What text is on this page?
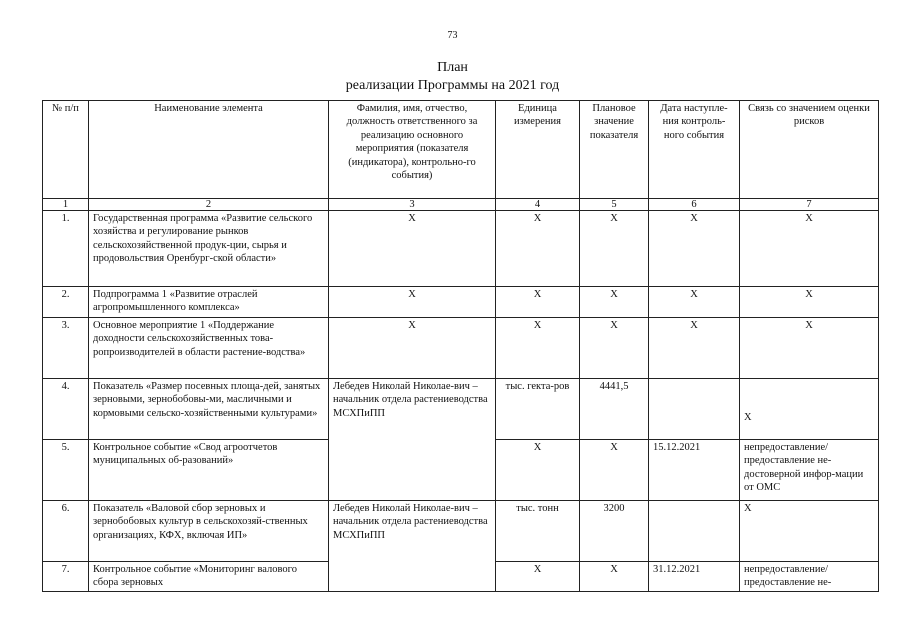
73
План
реализации Программы на 2021 год
№ п/п	Наименование элемента	Фамилия, имя, отчество, должность ответственного за реализацию основного мероприятия (показателя (индикатора), контрольно-го события)	Единица измерения	Плановое значение показателя	Дата наступле-ния контроль-ного события	Связь со значением оценки рисков
1	2	3	4	5	6	7
1.	Государственная программа «Развитие сельского хозяйства и регулирование рынков сельскохозяйственной продук-ции, сырья и продовольствия Оренбург-ской области»	Х	Х	Х	Х	Х
2.	Подпрограмма 1 «Развитие отраслей агропромышленного комплекса»	Х	Х	Х	Х	Х
3.	Основное мероприятие 1 «Поддержание доходности сельскохозяйственных това-ропроизводителей в области растение-водства»	Х	Х	Х	Х	Х
4.	Показатель «Размер посевных площа-дей, занятых зерновыми, зернобобовы-ми, масличными и кормовыми сельско-хозяйственными культурами»	Лебедев Николай Николае-вич – начальник отдела растениеводства МСХПиПП	тыс. гекта-ров	4441,5		Х
5.	Контрольное событие «Свод агроотчетов муниципальных об-разований»		Х	Х	15.12.2021	непредоставление/ предоставление не-достоверной инфор-мации от ОМС
6.	Показатель «Валовой сбор зерновых и зернобобовых культур в сельскохозяй-ственных организациях, КФХ, включая ИП»	Лебедев Николай Николае-вич – начальник отдела растениеводства МСХПиПП	тыс. тонн	3200		Х
7.	Контрольное событие «Мониторинг валового сбора зерновых		Х	Х	31.12.2021	непредоставление/ предоставление не-
